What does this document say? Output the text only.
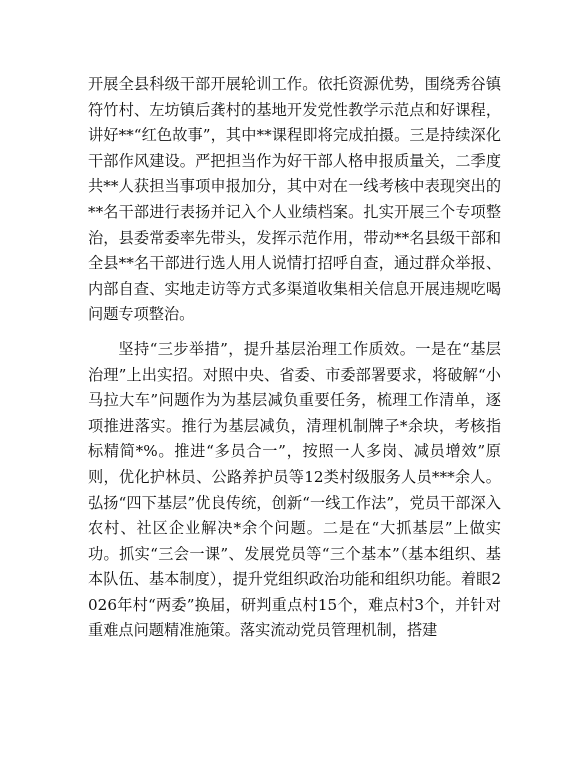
开展全县科级干部开展轮训工作。依托资源优势，围绕秀谷镇符竹村、左坊镇后龚村的基地开发党性教学示范点和好课程，讲好**“红色故事”，其中**课程即将完成拍摄。三是持续深化干部作风建设。严把担当作为好干部人格申报质量关，二季度共**人获担当事项申报加分，其中对在一线考核中表现突出的**名干部进行表扬并记入个人业绩档案。扎实开展三个专项整治，县委常委率先带头，发挥示范作用，带动**名县级干部和全县**名干部进行选人用人说情打招呼自查，通过群众举报、内部自查、实地走访等方式多渠道收集相关信息开展违规吃喝问题专项整治。

坚持“三步举措”，提升基层治理工作质效。一是在“基层治理”上出实招。对照中央、省委、市委部署要求，将破解“小马拉大车”问题作为为基层减负重要任务，梳理工作清单，逐项推进落实。推行为基层减负，清理机制牌子*余块，考核指标精简*%。推进“多员合一”，按照一人多岗、减员增效”原则，优化护林员、公路养护员等12类村级服务人员***余人。弘扬“四下基层”优良传统，创新“一线工作法”，党员干部深入农村、社区企业解决*余个问题。二是在“大抓基层”上做实功。抓实“三会一课”、发展党员等“三个基本”（基本组织、基本队伍、基本制度），提升党组织政治功能和组织功能。着眼2026年村“两委”换届，研判重点村15个，难点村3个，并针对重难点问题精准施策。落实流动党员管理机制，搭建
